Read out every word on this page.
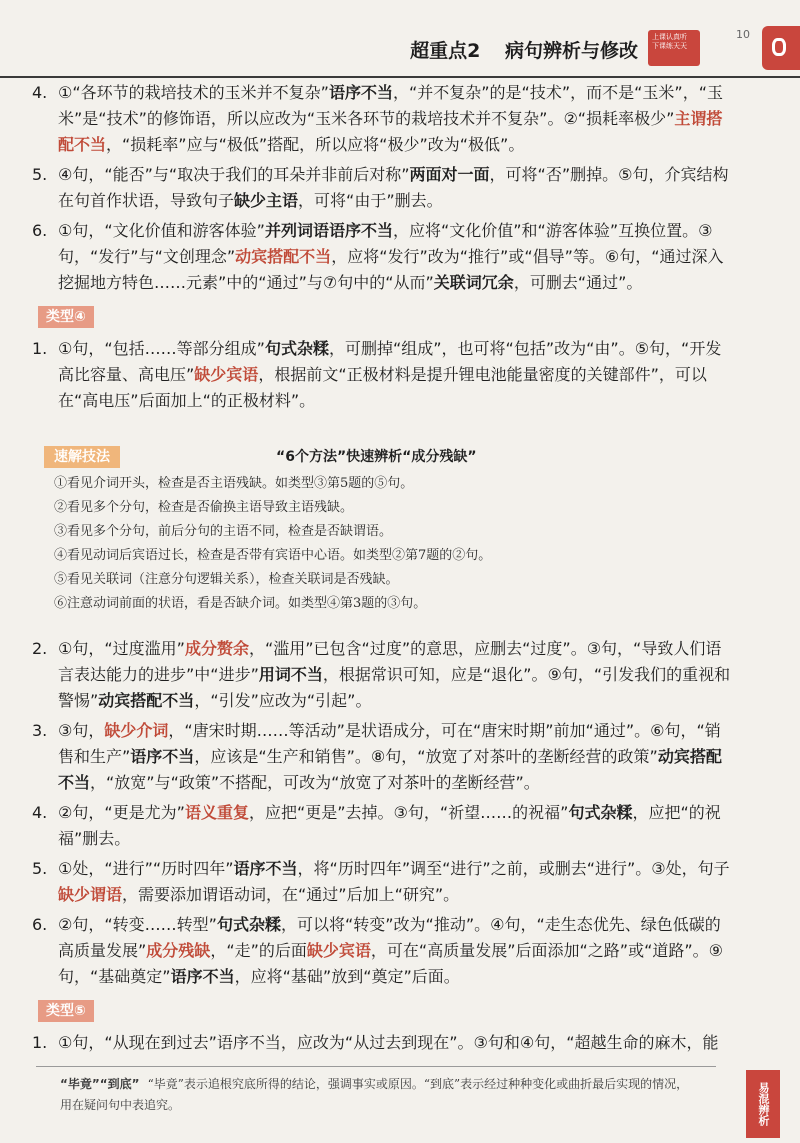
超重点2 病句辨析与修改
上课认真听 下课练天天
10
4. ①“各环节的栽培技术的玉米并不复杂”语序不当，“并不复杂”的是“技术”，而不是“玉米”，“玉米”是“技术”的修饰语，所以应改为“玉米各环节的栽培技术并不复杂”。②“损耗率极少”主谓搭配不当，“损耗率”应与“极低”搭配，所以应将“极少”改为“极低”。
5. ④句，“能否”与“取决于我们的耳朵并非前后对称”两面对一面，可将“否”删掉。⑤句，介宾结构在句首作状语，导致句子缺少主语，可将“由于”删去。
6. ①句，“文化价值和游客体验”并列词语语序不当，应将“文化价值”和“游客体验”互换位置。③句，“发行”与“文创理念”动宾搭配不当，应将“发行”改为“推行”或“倡导”等。⑥句，“通过深入挖掘地方特色……元素”中的“通过”与⑦句中的“从而”关联词冗余，可删去“通过”。
类型④
1. ①句，“包括……等部分组成”句式杂糅，可删掉“组成”，也可将“包括”改为“由”。⑤句，“开发高比容量、高电压”缺少宾语，根据前文“正极材料是提升锂电池能量密度的关键部件”，可以在“高电压”后面加上“的正极材料”。
速解技法	“6个方法”快速辨析“成分残缺”
①看见介词开头，检查是否主语残缺。如类型③第5题的⑤句。
②看见多个分句，检查是否偷换主语导致主语残缺。
③看见多个分句，前后分句的主语不同，检查是否缺谓语。
④看见动词后宾语过长，检查是否带有宾语中心语。如类型②第7题的②句。
⑤看见关联词（注意分句逻辑关系），检查关联词是否残缺。
⑥注意动词前面的状语，看是否缺介词。如类型④第3题的③句。
2. ①句，“过度滥用”成分赘余，“滥用”已包含“过度”的意思，应删去“过度”。③句，“导致人们语言表达能力的进步”中“进步”用词不当，根据常识可知，应是“退化”。⑨句，“引发我们的重视和警惕”动宾搭配不当，“引发”应改为“引起”。
3. ③句，缺少介词，“唐宋时期……等活动”是状语成分，可在“唐宋时期”前加“通过”。⑥句，“销售和生产”语序不当，应该是“生产和销售”。⑧句，“放宽了对茶叶的垄断经营的政策”动宾搭配不当，“放宽”与“政策”不搭配，可改为“放宽了对茶叶的垄断经营”。
4. ②句，“更是尤为”语义重复，应把“更是”去掉。③句，“祈望……的祝福”句式杂糅，应把“的祝福”删去。
5. ①处，“进行”“历时四年”语序不当，将“历时四年”调至“进行”之前，或删去“进行”。③处，句子缺少谓语，需要添加谓语动词，在“通过”后加上“研究”。
6. ②句，“转变……转型”句式杂糅，可以将“转变”改为“推动”。④句，“走生态优先、绿色低碳的高质量发展”成分残缺，“走”的后面缺少宾语，可在“高质量发展”后面添加“之路”或“道路”。⑨句，“基础奠定”语序不当，应将“基础”放到“奠定”后面。
类型⑤
1. ①句，“从现在到过去”语序不当，应改为“从过去到现在”。③句和④句，“超越生命的麻木，能
“毕竟”“到底” “毕竟”表示追根究底所得的结论，强调事实或原因。“到底”表示经过种种变化或曲折最后实现的情况，用在疑问句中表追究。	易混辨析
